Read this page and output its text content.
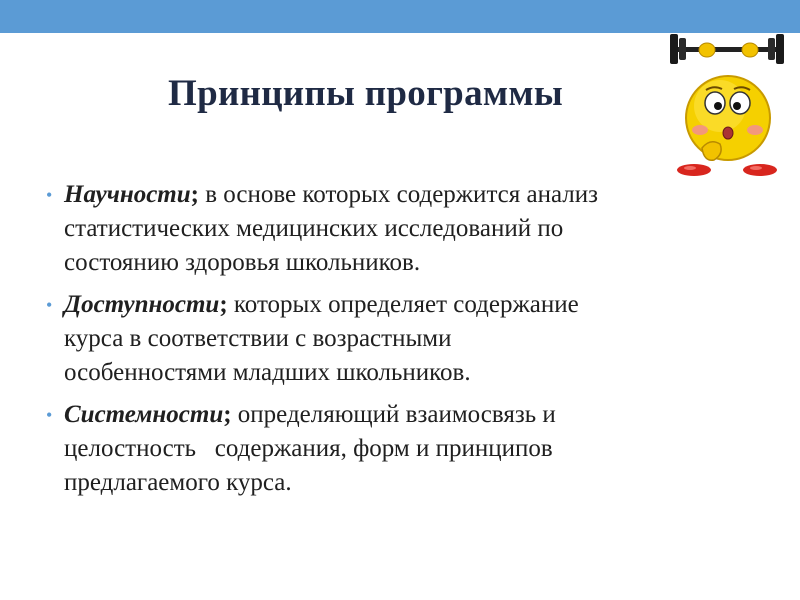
Принципы программы
• Научности; в основе которых содержится анализ
статистических медицинских исследований по
состоянию здоровья школьников.
• Доступности; которых определяет содержание
курса в соответствии с возрастными
особенностями младших школьников.
• Системности; определяющий взаимосвязь и
целостность   содержания, форм и принципов
предлагаемого курса.
